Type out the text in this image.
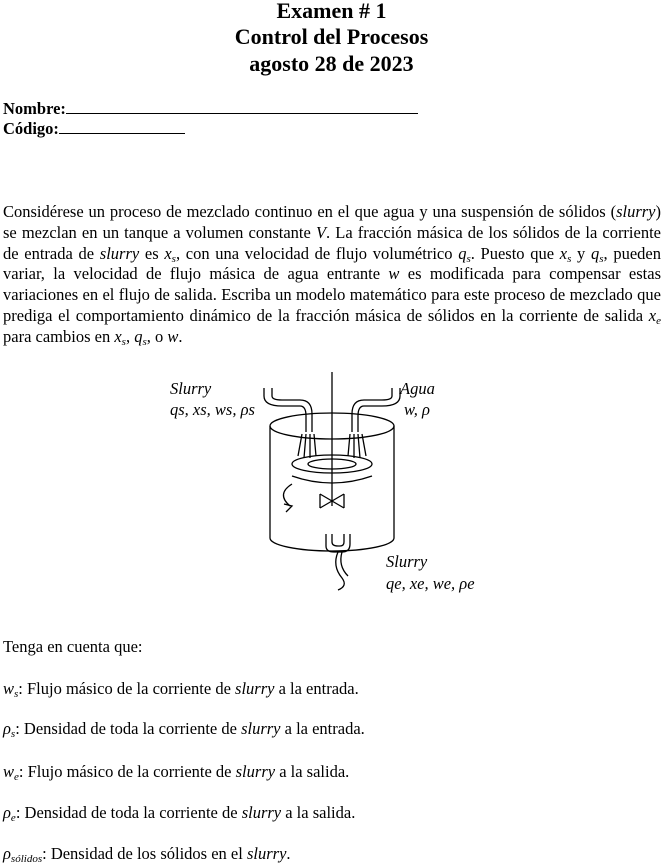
Examen # 1
Control del Procesos
agosto 28 de 2023
Nombre:
Código:
Considérese un proceso de mezclado continuo en el que agua y una suspensión de sólidos (slurry) se mezclan en un tanque a volumen constante V. La fracción másica de los sólidos de la corriente de entrada de slurry es $x_s$, con una velocidad de flujo volumétrico $q_s$. Puesto que $x_s$ y $q_s$, pueden variar, la velocidad de flujo másica de agua entrante w es modificada para compensar estas variaciones en el flujo de salida. Escriba un modelo matemático para este proceso de mezclado que prediga el comportamiento dinámico de la fracción másica de sólidos en la corriente de salida $x_e$ para cambios en $x_s$, $q_s$, o w.
Slurry
qs, xs, ws, ρs
Agua
w, ρ
Slurry
qe, xe, we, ρe
Tenga en cuenta que:
$w_s$: Flujo másico de la corriente de slurry a la entrada.
$\rho_s$: Densidad de toda la corriente de slurry a la entrada.
$w_e$: Flujo másico de la corriente de slurry a la salida.
$\rho_e$: Densidad de toda la corriente de slurry a la salida.
$\rho_{sólidos}$: Densidad de los sólidos en el slurry.
